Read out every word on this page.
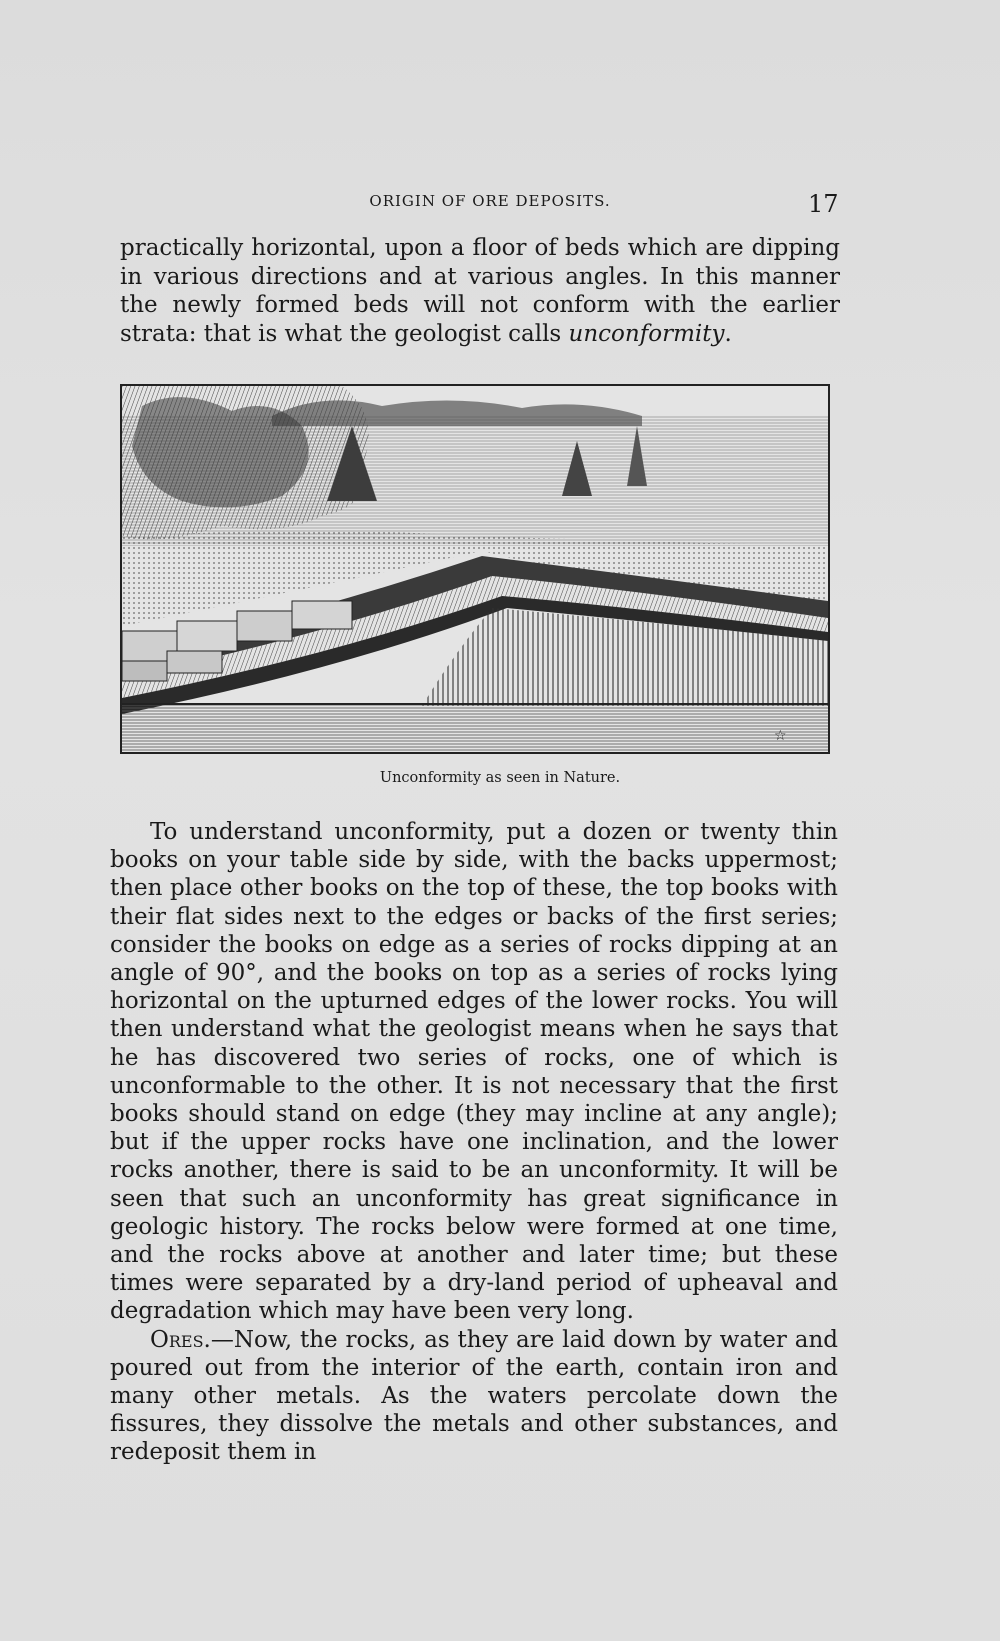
ORIGIN OF ORE DEPOSITS.	17

practically horizontal, upon a floor of beds which are dipping in various directions and at various angles. In this manner the newly formed beds will not conform with the earlier strata: that is what the geologist calls unconformity.

☆
Unconformity as seen in Nature.

To understand unconformity, put a dozen or twenty thin books on your table side by side, with the backs uppermost; then place other books on the top of these, the top books with their flat sides next to the edges or backs of the first series; consider the books on edge as a series of rocks dipping at an angle of 90°, and the books on top as a series of rocks lying horizontal on the upturned edges of the lower rocks. You will then understand what the geologist means when he says that he has discovered two series of rocks, one of which is unconformable to the other. It is not necessary that the first books should stand on edge (they may incline at any angle); but if the upper rocks have one inclination, and the lower rocks another, there is said to be an unconformity. It will be seen that such an unconformity has great significance in geologic history. The rocks below were formed at one time, and the rocks above at another and later time; but these times were separated by a dry-land period of upheaval and degradation which may have been very long.

Ores.—Now, the rocks, as they are laid down by water and poured out from the interior of the earth, contain iron and many other metals. As the waters percolate down the fissures, they dissolve the metals and other substances, and redeposit them in
